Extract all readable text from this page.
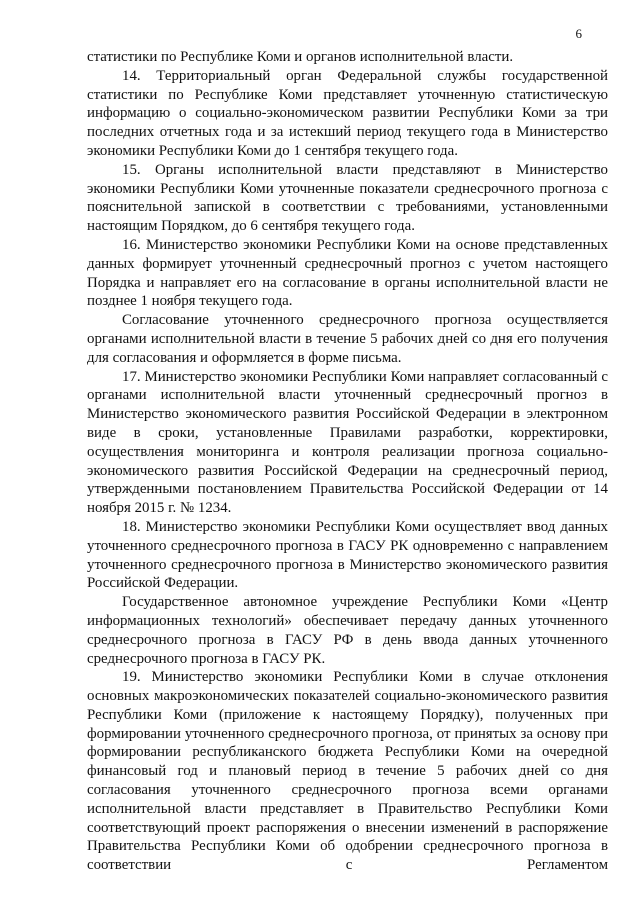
6

статистики по Республике Коми и органов исполнительной власти.

14. Территориальный орган Федеральной службы государственной статистики по Республике Коми представляет уточненную статистическую информацию о социально-экономическом развитии Республики Коми за три последних отчетных года и за истекший период текущего года в Министерство экономики Республики Коми до 1 сентября текущего года.

15. Органы исполнительной власти представляют в Министерство экономики Республики Коми уточненные показатели среднесрочного прогноза с пояснительной запиской в соответствии с требованиями, установленными настоящим Порядком, до 6 сентября текущего года.

16. Министерство экономики Республики Коми на основе представленных данных формирует уточненный среднесрочный прогноз с учетом настоящего Порядка и направляет его на согласование в органы исполнительной власти не позднее 1 ноября текущего года.

Согласование уточненного среднесрочного прогноза осуществляется органами исполнительной власти в течение 5 рабочих дней со дня его получения для согласования и оформляется в форме письма.

17. Министерство экономики Республики Коми направляет согласованный с органами исполнительной власти уточненный среднесрочный прогноз в Министерство экономического развития Российской Федерации в электронном виде в сроки, установленные Правилами разработки, корректировки, осуществления мониторинга и контроля реализации прогноза социально-экономического развития Российской Федерации на среднесрочный период, утвержденными постановлением Правительства Российской Федерации от 14 ноября 2015 г. № 1234.

18. Министерство экономики Республики Коми осуществляет ввод данных уточненного среднесрочного прогноза в ГАСУ РК одновременно с направлением уточненного среднесрочного прогноза в Министерство экономического развития Российской Федерации.

Государственное автономное учреждение Республики Коми «Центр информационных технологий» обеспечивает передачу данных уточненного среднесрочного прогноза в ГАСУ РФ в день ввода данных уточненного среднесрочного прогноза в ГАСУ РК.

19. Министерство экономики Республики Коми в случае отклонения основных макроэкономических показателей социально-экономического развития Республики Коми (приложение к настоящему Порядку), полученных при формировании уточненного среднесрочного прогноза, от принятых за основу при формировании республиканского бюджета Республики Коми на очередной финансовый год и плановый период в течение 5 рабочих дней со дня согласования уточненного среднесрочного прогноза всеми органами исполнительной власти представляет в Правительство Республики Коми соответствующий проект распоряжения о внесении изменений в распоряжение Правительства Республики Коми об одобрении среднесрочного прогноза в соответствии с Регламентом
